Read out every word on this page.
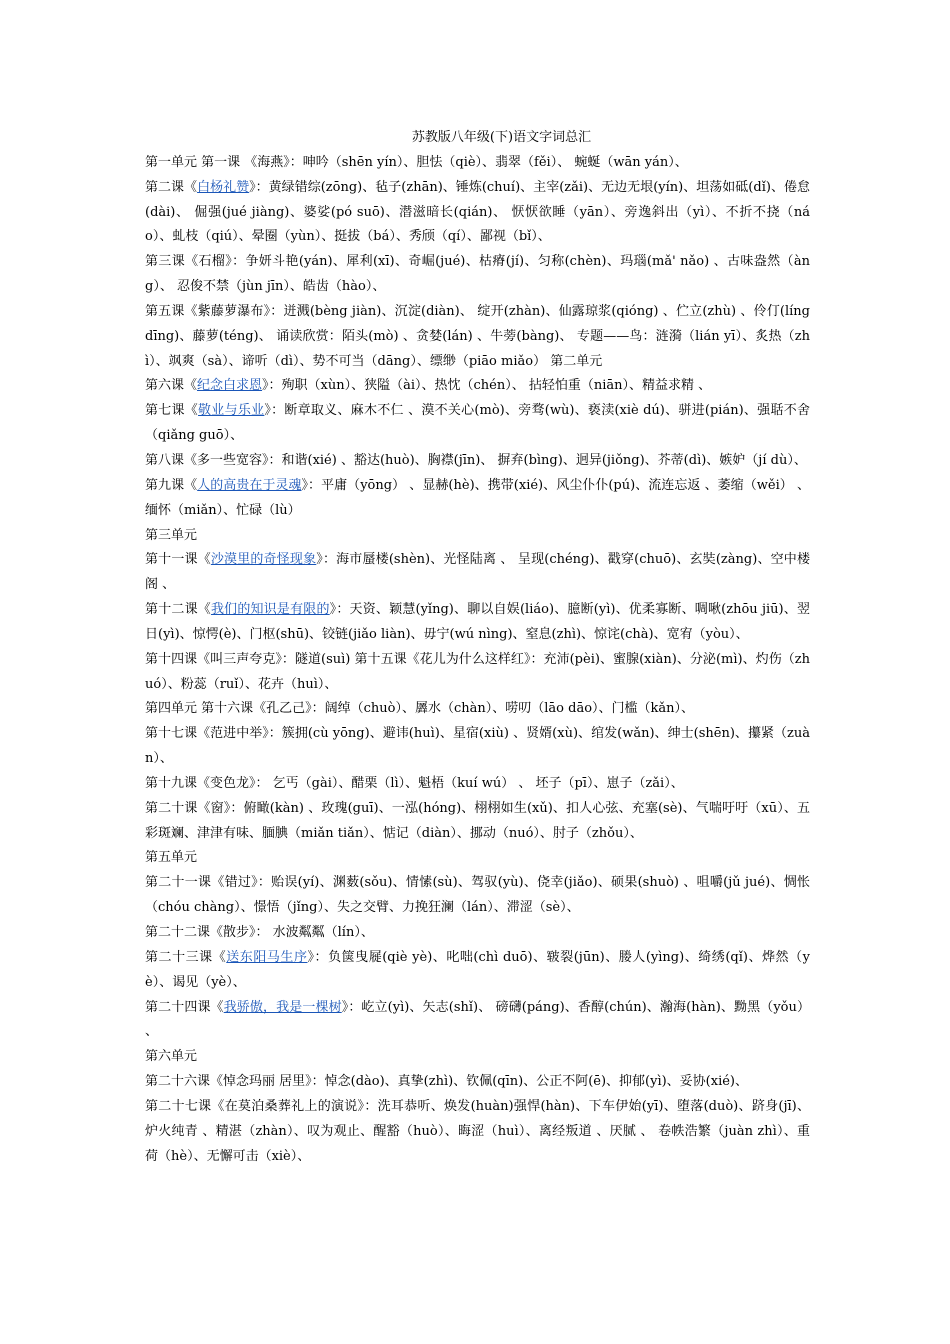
苏教版八年级(下)语文字词总汇

第一单元 第一课 《海燕》：呻吟（shēn yín）、胆怯（qiè）、翡翠（fěi）、 蜿蜒（wān yán）、

第二课《白杨礼赞》：黄绿错综(zōng)、毡子(zhān)、锤炼(chuí)、主宰(zǎi)、无边无垠(yín)、坦荡如砥(dǐ)、倦怠(dài)、 倔强(jué jiàng)、婆娑(pó suō)、潜滋暗长(qián)、 恹恹欲睡（yān）、旁逸斜出（yì）、不折不挠（náo）、虬枝（qiú）、晕圈（yùn）、挺拔（bá）、秀颀（qí）、鄙视（bǐ）、

第三课《石榴》：争妍斗艳(yán)、犀利(xī)、奇崛(jué)、枯瘠(jí)、匀称(chèn)、玛瑙(mǎ' nǎo) 、古味盎然（àng）、 忍俊不禁（jùn jīn）、皓齿（hào）、

第五课《紫藤萝瀑布》：迸溅(bèng jiàn)、沉淀(diàn)、 绽开(zhàn)、仙露琼浆(qióng) 、伫立(zhù) 、伶仃(líng dīng)、藤萝(téng)、 诵读欣赏：陌头(mò) 、贪婪(lán) 、牛蒡(bàng)、 专题——鸟：涟漪（lián yī）、炙热（zhì）、飒爽（sà）、谛听（dì）、势不可当（dāng）、缥缈（piāo miǎo） 第二单元

第六课《纪念白求恩》：殉职（xùn）、狭隘（ài）、热忱（chén）、 拈轻怕重（niān）、精益求精 、

第七课《敬业与乐业》：断章取义、麻木不仁 、漠不关心(mò)、旁骛(wù)、亵渎(xiè dú)、骈进(pián)、强聒不舍（qiǎng guō）、

第八课《多一些宽容》：和谐(xié) 、豁达(huò)、胸襟(jīn)、 摒弃(bìng)、迥异(jiǒng)、芥蒂(dì)、嫉妒（jí dù）、

第九课《人的高贵在于灵魂》：平庸（yōng） 、显赫(hè)、携带(xié)、风尘仆仆(pú)、流连忘返 、萎缩（wěi） 、缅怀（miǎn）、忙碌（lù）

第三单元

第十一课《沙漠里的奇怪现象》：海市蜃楼(shèn)、光怪陆离 、 呈现(chéng)、戳穿(chuō)、玄奘(zàng)、空中楼阁 、

第十二课《我们的知识是有限的》：天资、颖慧(yǐng)、聊以自娱(liáo)、臆断(yì)、优柔寡断、啁啾(zhōu jiū)、翌日(yì)、惊愕(è)、门枢(shū)、铰链(jiǎo liàn)、毋宁(wú nìng)、窒息(zhì)、惊诧(chà)、宽宥（yòu）、

第十四课《叫三声夸克》：隧道(suì) 第十五课《花儿为什么这样红》：充沛(pèi)、蜜腺(xiàn)、分泌(mì)、灼伤（zhuó）、粉蕊（ruǐ）、花卉（huì）、

第四单元 第十六课《孔乙己》：阔绰（chuò）、羼水（chàn）、唠叨（lāo dāo）、门槛（kǎn）、

第十七课《范进中举》：簇拥(cù yōng)、避讳(huì)、星宿(xiù) 、贤婿(xù)、绾发(wǎn)、绅士(shēn)、攥紧（zuàn）、

第十九课《变色龙》： 乞丐（gài）、醋栗（lì）、魁梧（kuí wú） 、 坯子（pī）、崽子（zǎi）、

第二十课《窗》：俯瞰(kàn) 、玫瑰(guī)、一泓(hóng)、栩栩如生(xǔ)、扣人心弦、充塞(sè)、气喘吁吁（xū）、五彩斑斓、津津有味、腼腆（miǎn tiǎn）、惦记（diàn）、挪动（nuó）、肘子（zhǒu）、

第五单元

第二十一课《错过》：贻误(yí)、渊薮(sǒu)、情愫(sù)、驾驭(yù)、侥幸(jiǎo)、硕果(shuò) 、咀嚼(jǔ jué)、惆怅（chóu chàng）、憬悟（jǐng）、失之交臂、力挽狂澜（lán）、滞涩（sè）、

第二十二课《散步》： 水波粼粼（lín）、

第二十三课《送东阳马生序》：负箧曳屣(qiè yè)、叱咄(chì duō)、皲裂(jūn)、媵人(yìng)、绮绣(qǐ)、烨然（yè）、谒见（yè）、

第二十四课《我骄傲，我是一棵树》：屹立(yì)、矢志(shǐ)、 磅礴(páng)、香醇(chún)、瀚海(hàn)、黝黑（yǒu） 、

第六单元

第二十六课《悼念玛丽 居里》：悼念(dào)、真挚(zhì)、钦佩(qīn)、公正不阿(ē)、抑郁(yì)、妥协(xié)、

第二十七课《在莫泊桑葬礼上的演说》：洗耳恭听、焕发(huàn)强悍(hàn)、下车伊始(yī)、堕落(duò)、跻身(jī)、炉火纯青 、精湛（zhàn）、叹为观止、醒豁（huò）、晦涩（huì）、离经叛道 、厌腻 、 卷帙浩繁（juàn zhì）、重荷（hè）、无懈可击（xiè）、
